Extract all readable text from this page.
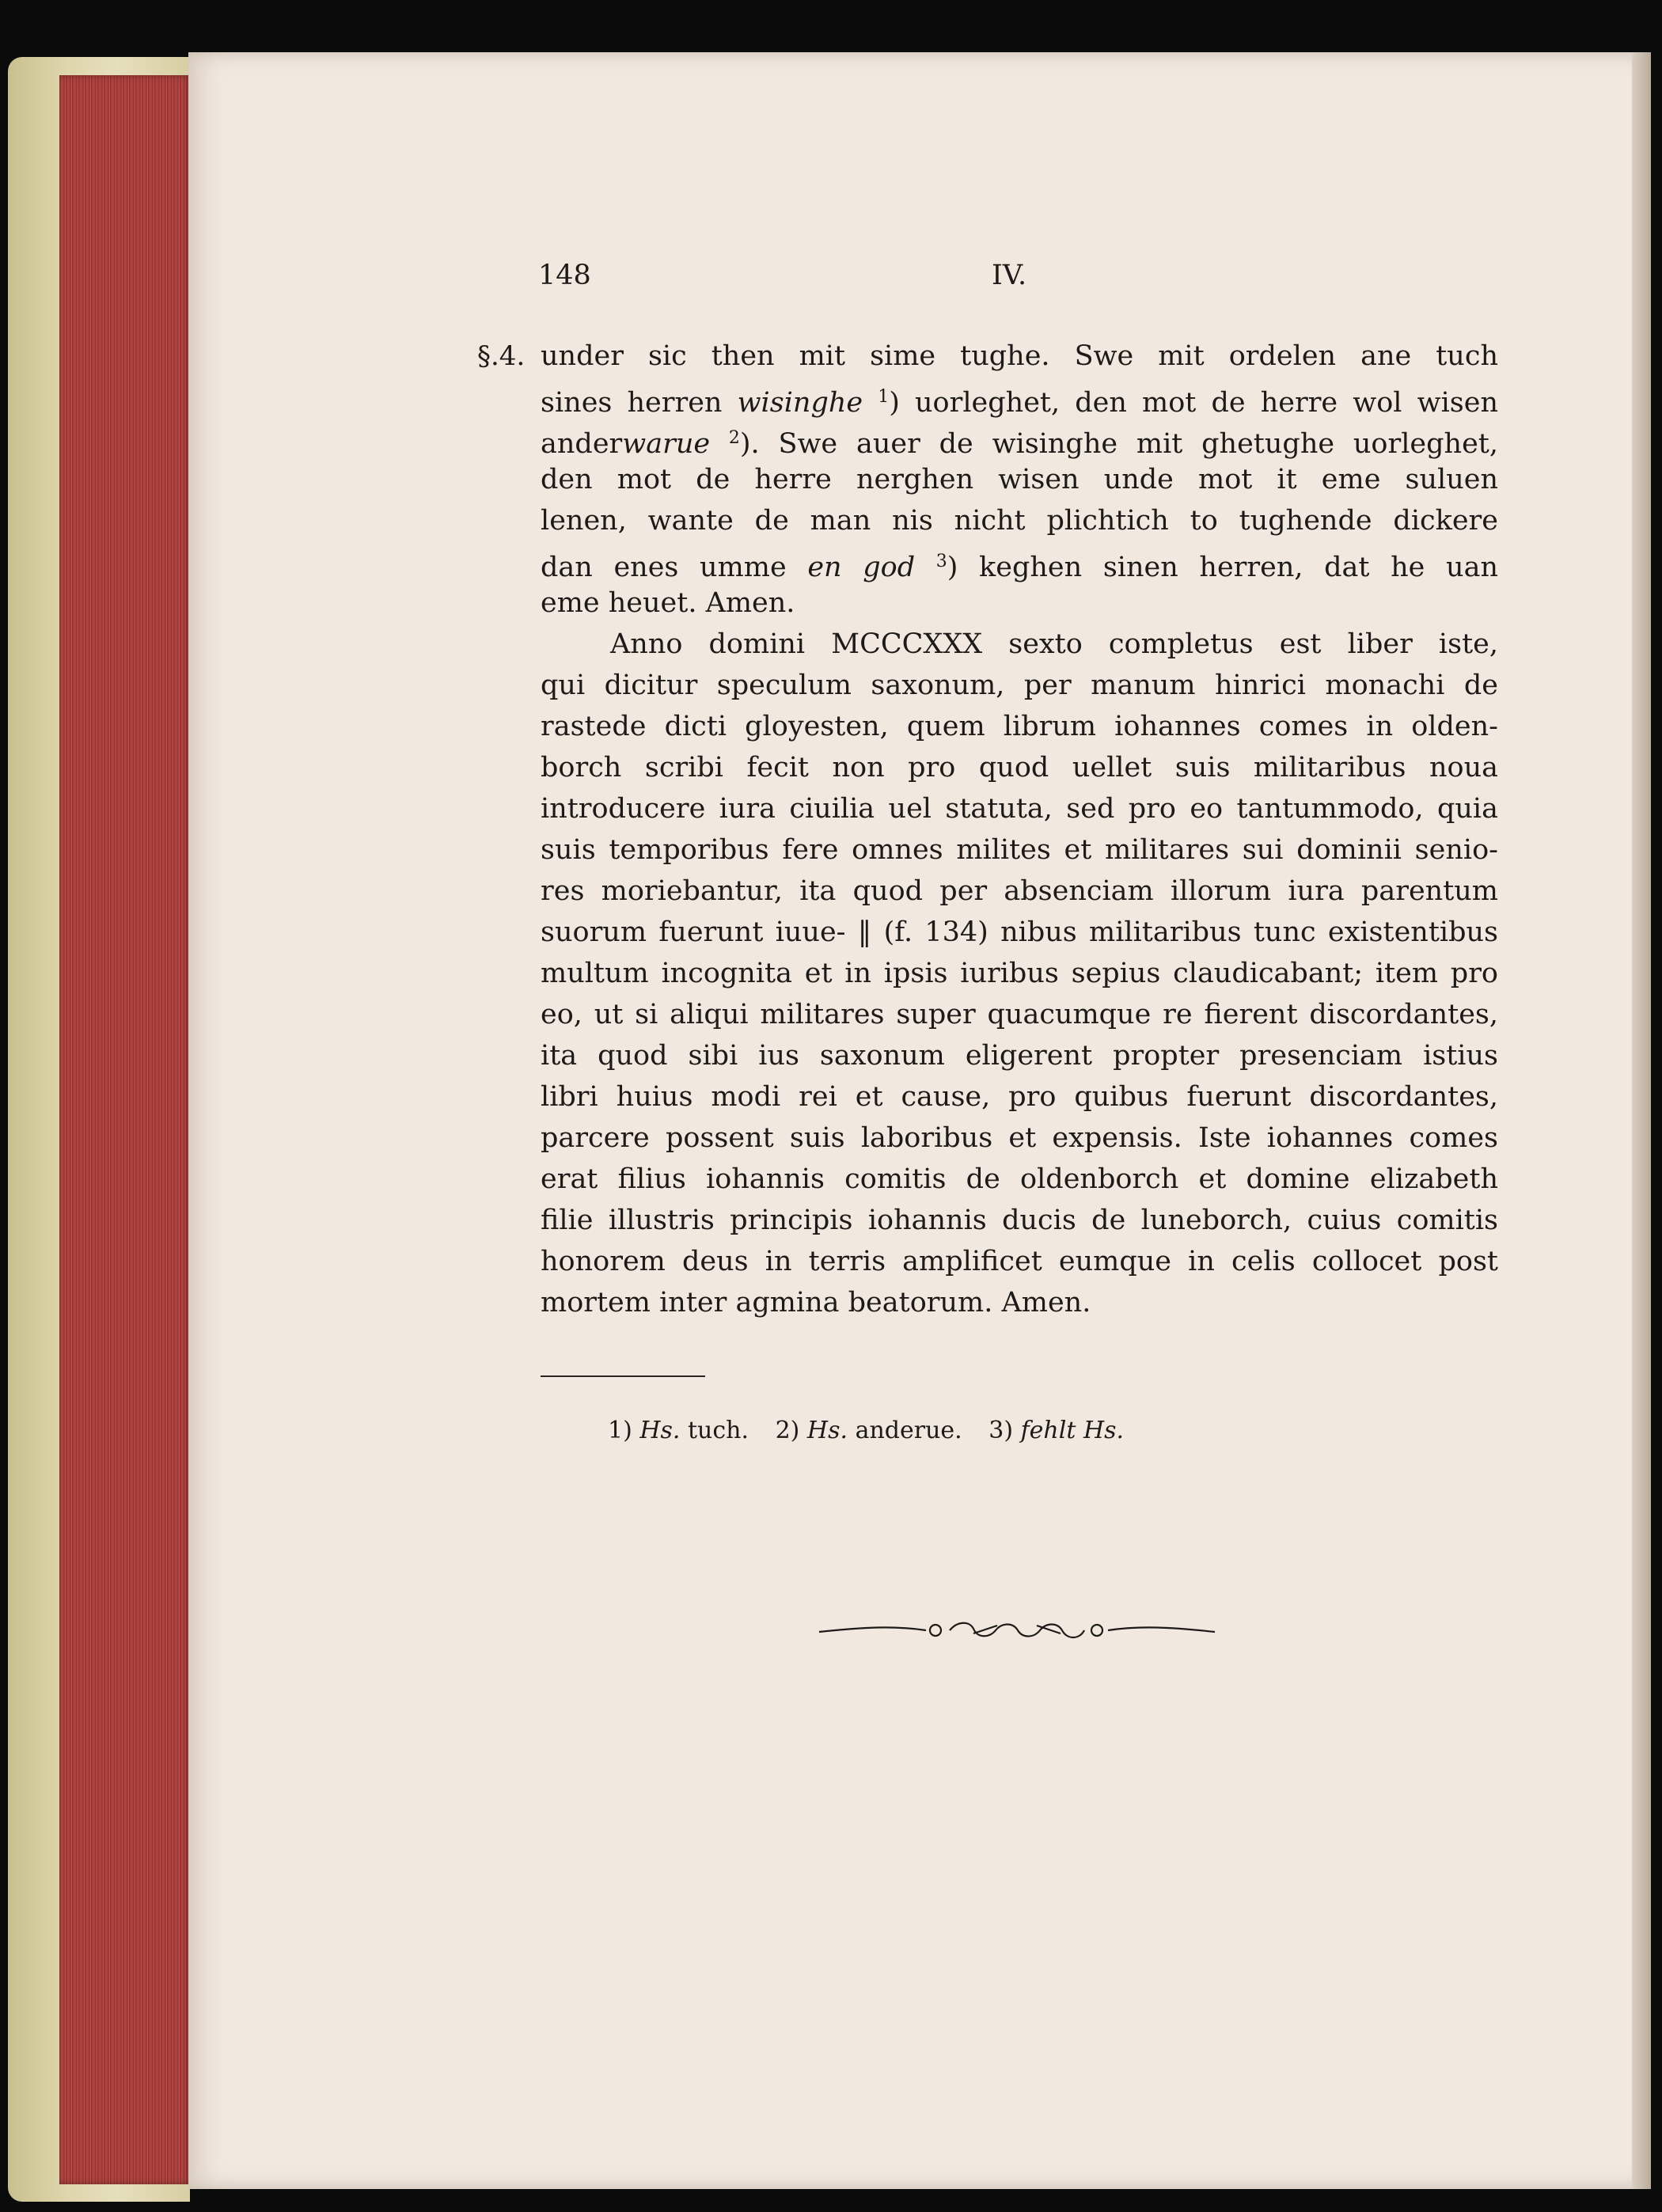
148	IV.
§.4. under sic then mit sime tughe. Swe mit ordelen ane tuch
sines herren wisinghe $^1$) uorleghet, den mot de herre wol wisen
anderwarue $^2$). Swe auer de wisinghe mit ghetughe uorleghet,
den mot de herre nerghen wisen unde mot it eme suluen
lenen, wante de man nis nicht plichtich to tughende dickere
dan enes umme en god $^3$) keghen sinen herren, dat he uan
eme heuet. Amen.
Anno domini MCCCXXX sexto completus est liber iste,
qui dicitur speculum saxonum, per manum hinrici monachi de
rastede dicti gloyesten, quem librum iohannes comes in olden-
borch scribi fecit non pro quod uellet suis militaribus noua
introducere iura ciuilia uel statuta, sed pro eo tantummodo, quia
suis temporibus fere omnes milites et militares sui dominii senio-
res moriebantur, ita quod per absenciam illorum iura parentum
suorum fuerunt iuue- ‖ (f. 134) nibus militaribus tunc existentibus
multum incognita et in ipsis iuribus sepius claudicabant; item pro
eo, ut si aliqui militares super quacumque re fierent discordantes,
ita quod sibi ius saxonum eligerent propter presenciam istius
libri huius modi rei et cause, pro quibus fuerunt discordantes,
parcere possent suis laboribus et expensis. Iste iohannes comes
erat filius iohannis comitis de oldenborch et domine elizabeth
filie illustris principis iohannis ducis de luneborch, cuius comitis
honorem deus in terris amplificet eumque in celis collocet post
mortem inter agmina beatorum. Amen.
1) Hs. tuch. 2) Hs. anderue. 3) fehlt Hs.
